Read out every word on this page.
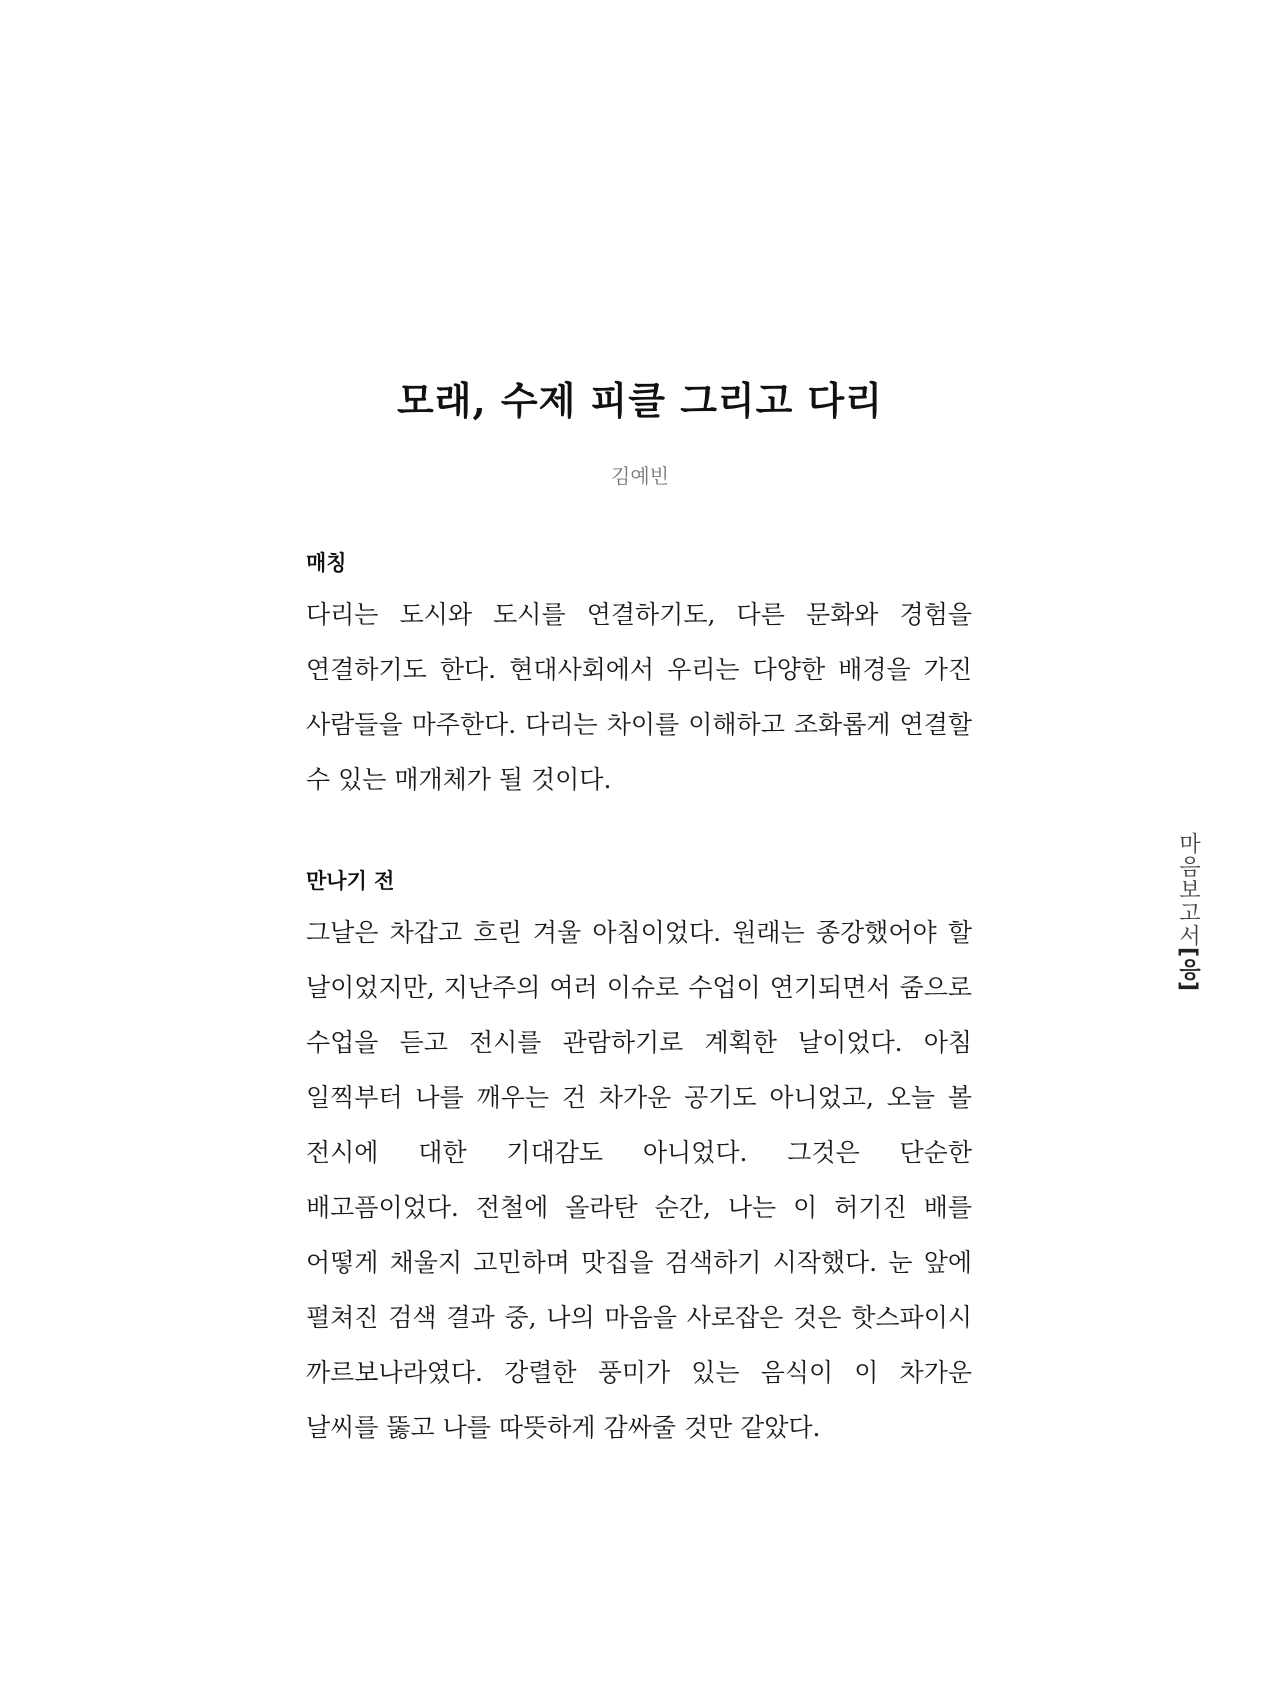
모래, 수제 피클 그리고 다리

김예빈

매칭

다리는 도시와 도시를 연결하기도, 다른 문화와 경험을 연결하기도 한다. 현대사회에서 우리는 다양한 배경을 가진 사람들을 마주한다. 다리는 차이를 이해하고 조화롭게 연결할 수 있는 매개체가 될 것이다.

만나기 전

그날은 차갑고 흐린 겨울 아침이었다. 원래는 종강했어야 할 날이었지만, 지난주의 여러 이슈로 수업이 연기되면서 줌으로 수업을 듣고 전시를 관람하기로 계획한 날이었다. 아침 일찍부터 나를 깨우는 건 차가운 공기도 아니었고, 오늘 볼 전시에 대한 기대감도 아니었다. 그것은 단순한 배고픔이었다. 전철에 올라탄 순간, 나는 이 허기진 배를 어떻게 채울지 고민하며 맛집을 검색하기 시작했다. 눈 앞에 펼쳐진 검색 결과 중, 나의 마음을 사로잡은 것은 핫스파이시 까르보나라였다. 강렬한 풍미가 있는 음식이 이 차가운 날씨를 뚫고 나를 따뜻하게 감싸줄 것만 같았다.

마음보고서
[
응
]
